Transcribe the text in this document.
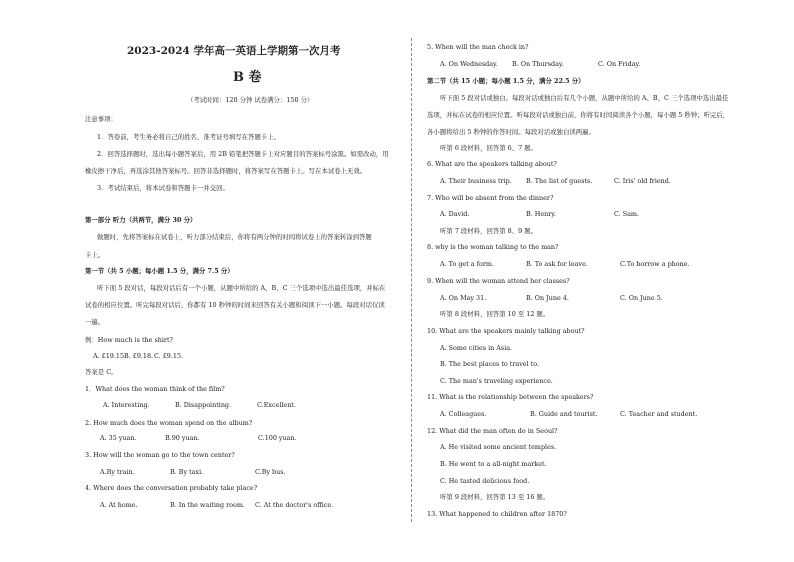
2023-2024 学年高一英语上学期第一次月考
B 卷
（考试时间：120 分钟 试卷满分：150 分）
注意事项：
1．答卷前，考生务必将自己的姓名、准考证号填写在答题卡上。
2．回答选择题时，选出每小题答案后，用 2B 铅笔把答题卡上对应题目的答案标号涂黑。如需改动，用
橡皮擦干净后，再选涂其他答案标号。回答非选择题时，将答案写在答题卡上。写在本试卷上无效。
3．考试结束后，将本试卷和答题卡一并交回。
第一部分 听力（共两节，满分 30 分）
做题时，先将答案标在试卷上，听力部分结束后，你将有两分钟的时间将试卷上的答案转涂到答题
卡上。
第一节（共 5 小题；每小题 1.5 分，满分 7.5 分）
听下面 5 段对话，每段对话后有一个小题，从题中所给的 A、B、C 三个选项中选出最佳选项，并标在
试卷的相应位置。听完每段对话后，你都有 10 秒钟的时间来回答有关小题和阅读下一小题。每段对话仅读
一遍。
例：How much is the shirt?
A. £19.15.
B. £9.18. C. £9.15.
答案是 C。
1．What does the woman think of the film?
A. Interesting.	B. Disappointing.	C.Excellent.
2. How much does the woman spend on the album?
A. 35 yuan.	B.90 yuan.	C.100 yuan.
3. How will the woman go to the town center?
A.By train.	B. By taxi.	C.By bus.
4. Where does the conversation probably take place?
A. At home.	B. In the waiting room. C. At the doctor's office.
5. When will the man check in?
A. On Wednesday. B. On Thursday.	C. On Friday.
第二节（共 15 小题；每小题 1.5 分，满分 22.5 分）
听下面 5 段对话或独白。每段对话或独白后有几个小题，从题中所给的 A、B、C 三个选项中选出最佳
选项，并标在试卷的相应位置。听每段对话或独白前，你将有时间阅读各个小题，每小题 5 秒钟；听完后，
各小题将给出 5 秒钟的作答时间。每段对话或独白读两遍。
听第 6 段材料，回答第 6、7 题。
6. What are the speakers talking about?
A. Their business trip. B. The list of guests.	C. Iris' old friend.
7. Who will be absent from the dinner?
A. David.	B. Henry.	C. Sam.
听第 7 段材料，回答第 8、9 题。
8. why is the woman talking to the man?
A. To get a form.	B. To ask for leave.	C.To borrow a phone.
9. When will the woman attend her classes?
A. On May 31.	B. On June 4.	C. On June 5.
听第 8 段材料，回答第 10 至 12 题。
10. What are the speakers mainly talking about?
A. Some cities in Asia.
B. The best places to travel to.
C. The man's traveling experience.
11. What is the relationship between the speakers?
A. Colleagues.	B. Guide and tourist.	C. Teacher and student.
12. What did the man often do in Seoul?
A. He visited some ancient temples.
B. He went to a all-night market.
C. He tasted delicious food.
听第 9 段材料，回答第 13 至 16 题。
13. What happened to children after 1870?
